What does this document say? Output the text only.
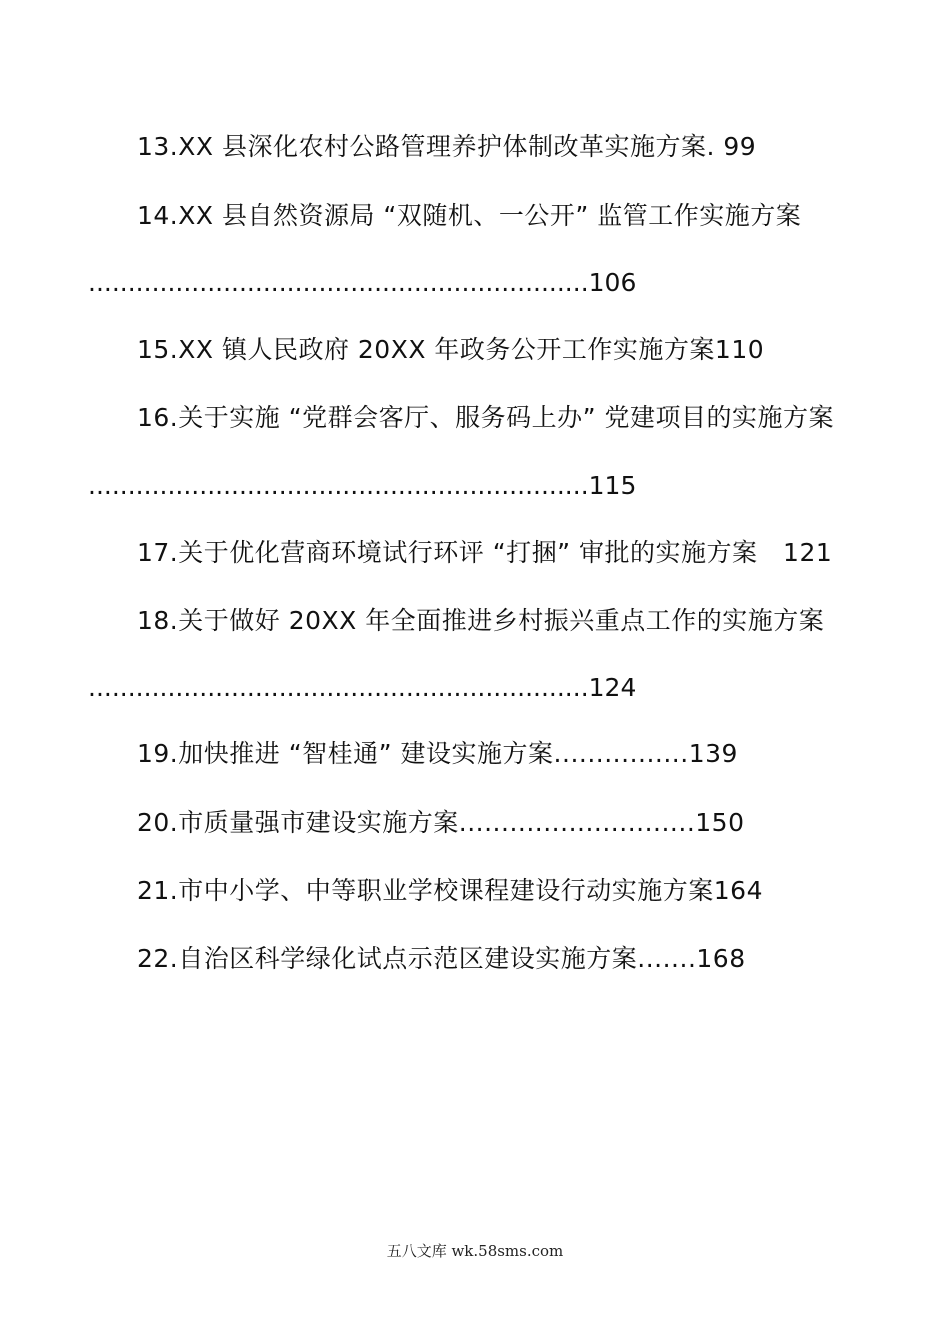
13.XX 县深化农村公路管理养护体制改革实施方案. 99
14.XX 县自然资源局 “双随机、一公开” 监管工作实施方案
...............................................................106
15.XX 镇人民政府 20XX 年政务公开工作实施方案110
16.关于实施 “党群会客厅、服务码上办” 党建项目的实施方案
...............................................................115
17.关于优化营商环境试行环评 “打捆” 审批的实施方案　121
18.关于做好 20XX 年全面推进乡村振兴重点工作的实施方案
...............................................................124
19.加快推进 “智桂通” 建设实施方案................139
20.市质量强市建设实施方案............................150
21.市中小学、中等职业学校课程建设行动实施方案164
22.自治区科学绿化试点示范区建设实施方案.......168
五八文库 wk.58sms.com
